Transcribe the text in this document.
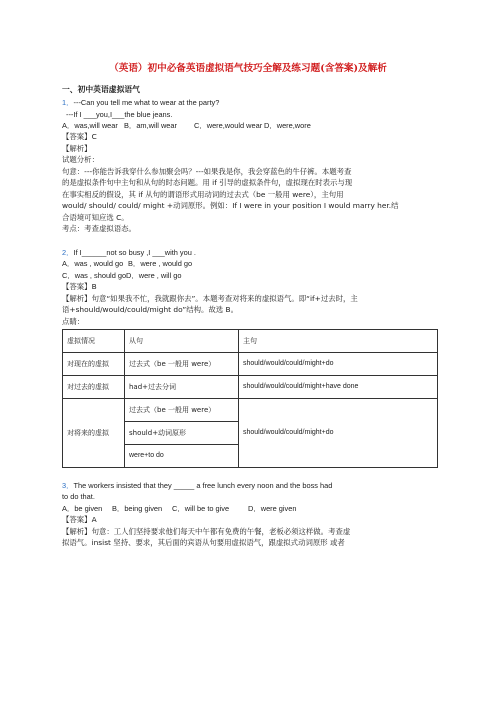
（英语）初中必备英语虚拟语气技巧全解及练习题(含答案)及解析
一、初中英语虚拟语气

1．---Can you tell me what to wear at the party?

---If I ___you,I___the blue jeans.

A．was,will wear B．am,will wear C．were,would wear D．were,wore

【答案】C

【解析】

试题分析：

句意：---你能告诉我穿什么参加聚会吗？---如果我是你，我会穿蓝色的牛仔裤。本题考查

的是虚拟条件句中主句和从句的时态问题。用 if 引导的虚拟条件句，虚拟现在时表示与现

在事实相反的假设，其 if 从句的谓语形式用动词的过去式（be 一般用 were），主句用

would/ should/ could/ might +动词原形。例如：If I were in your position I would marry her.结

合语境可知应选 C。

考点：考查虚拟语态。

2．If I______not so busy ,I ___with you .

A．was , would go B．were , would go

C．was , should goD．were , will go

【答案】B

【解析】句意“如果我不忙，我就跟你去”。本题考查对将来的虚拟语气。即“if+过去时，主

语+should/would/could/might do”结构。故选 B。

点睛：

虚拟情况	从句	主句
对现在的虚拟	过去式（be 一般用 were）	should/would/could/might+do
对过去的虚拟	had+过去分词	should/would/could/might+have done
对将来的虚拟	过去式（be 一般用 were）	should/would/could/might+do
	should+动词原形	
	were+to do	

3．The workers insisted that they _____ a free lunch every noon and the boss had

to do that.

A．be given B．being given C．will be to give	D．were given

【答案】A

【解析】句意：工人们坚持要求他们每天中午都有免费的午餐，老板必须这样做。考查虚

拟语气。insist 坚持、要求，其后面的宾语从句要用虚拟语气，跟虚拟式动词原形 或者
